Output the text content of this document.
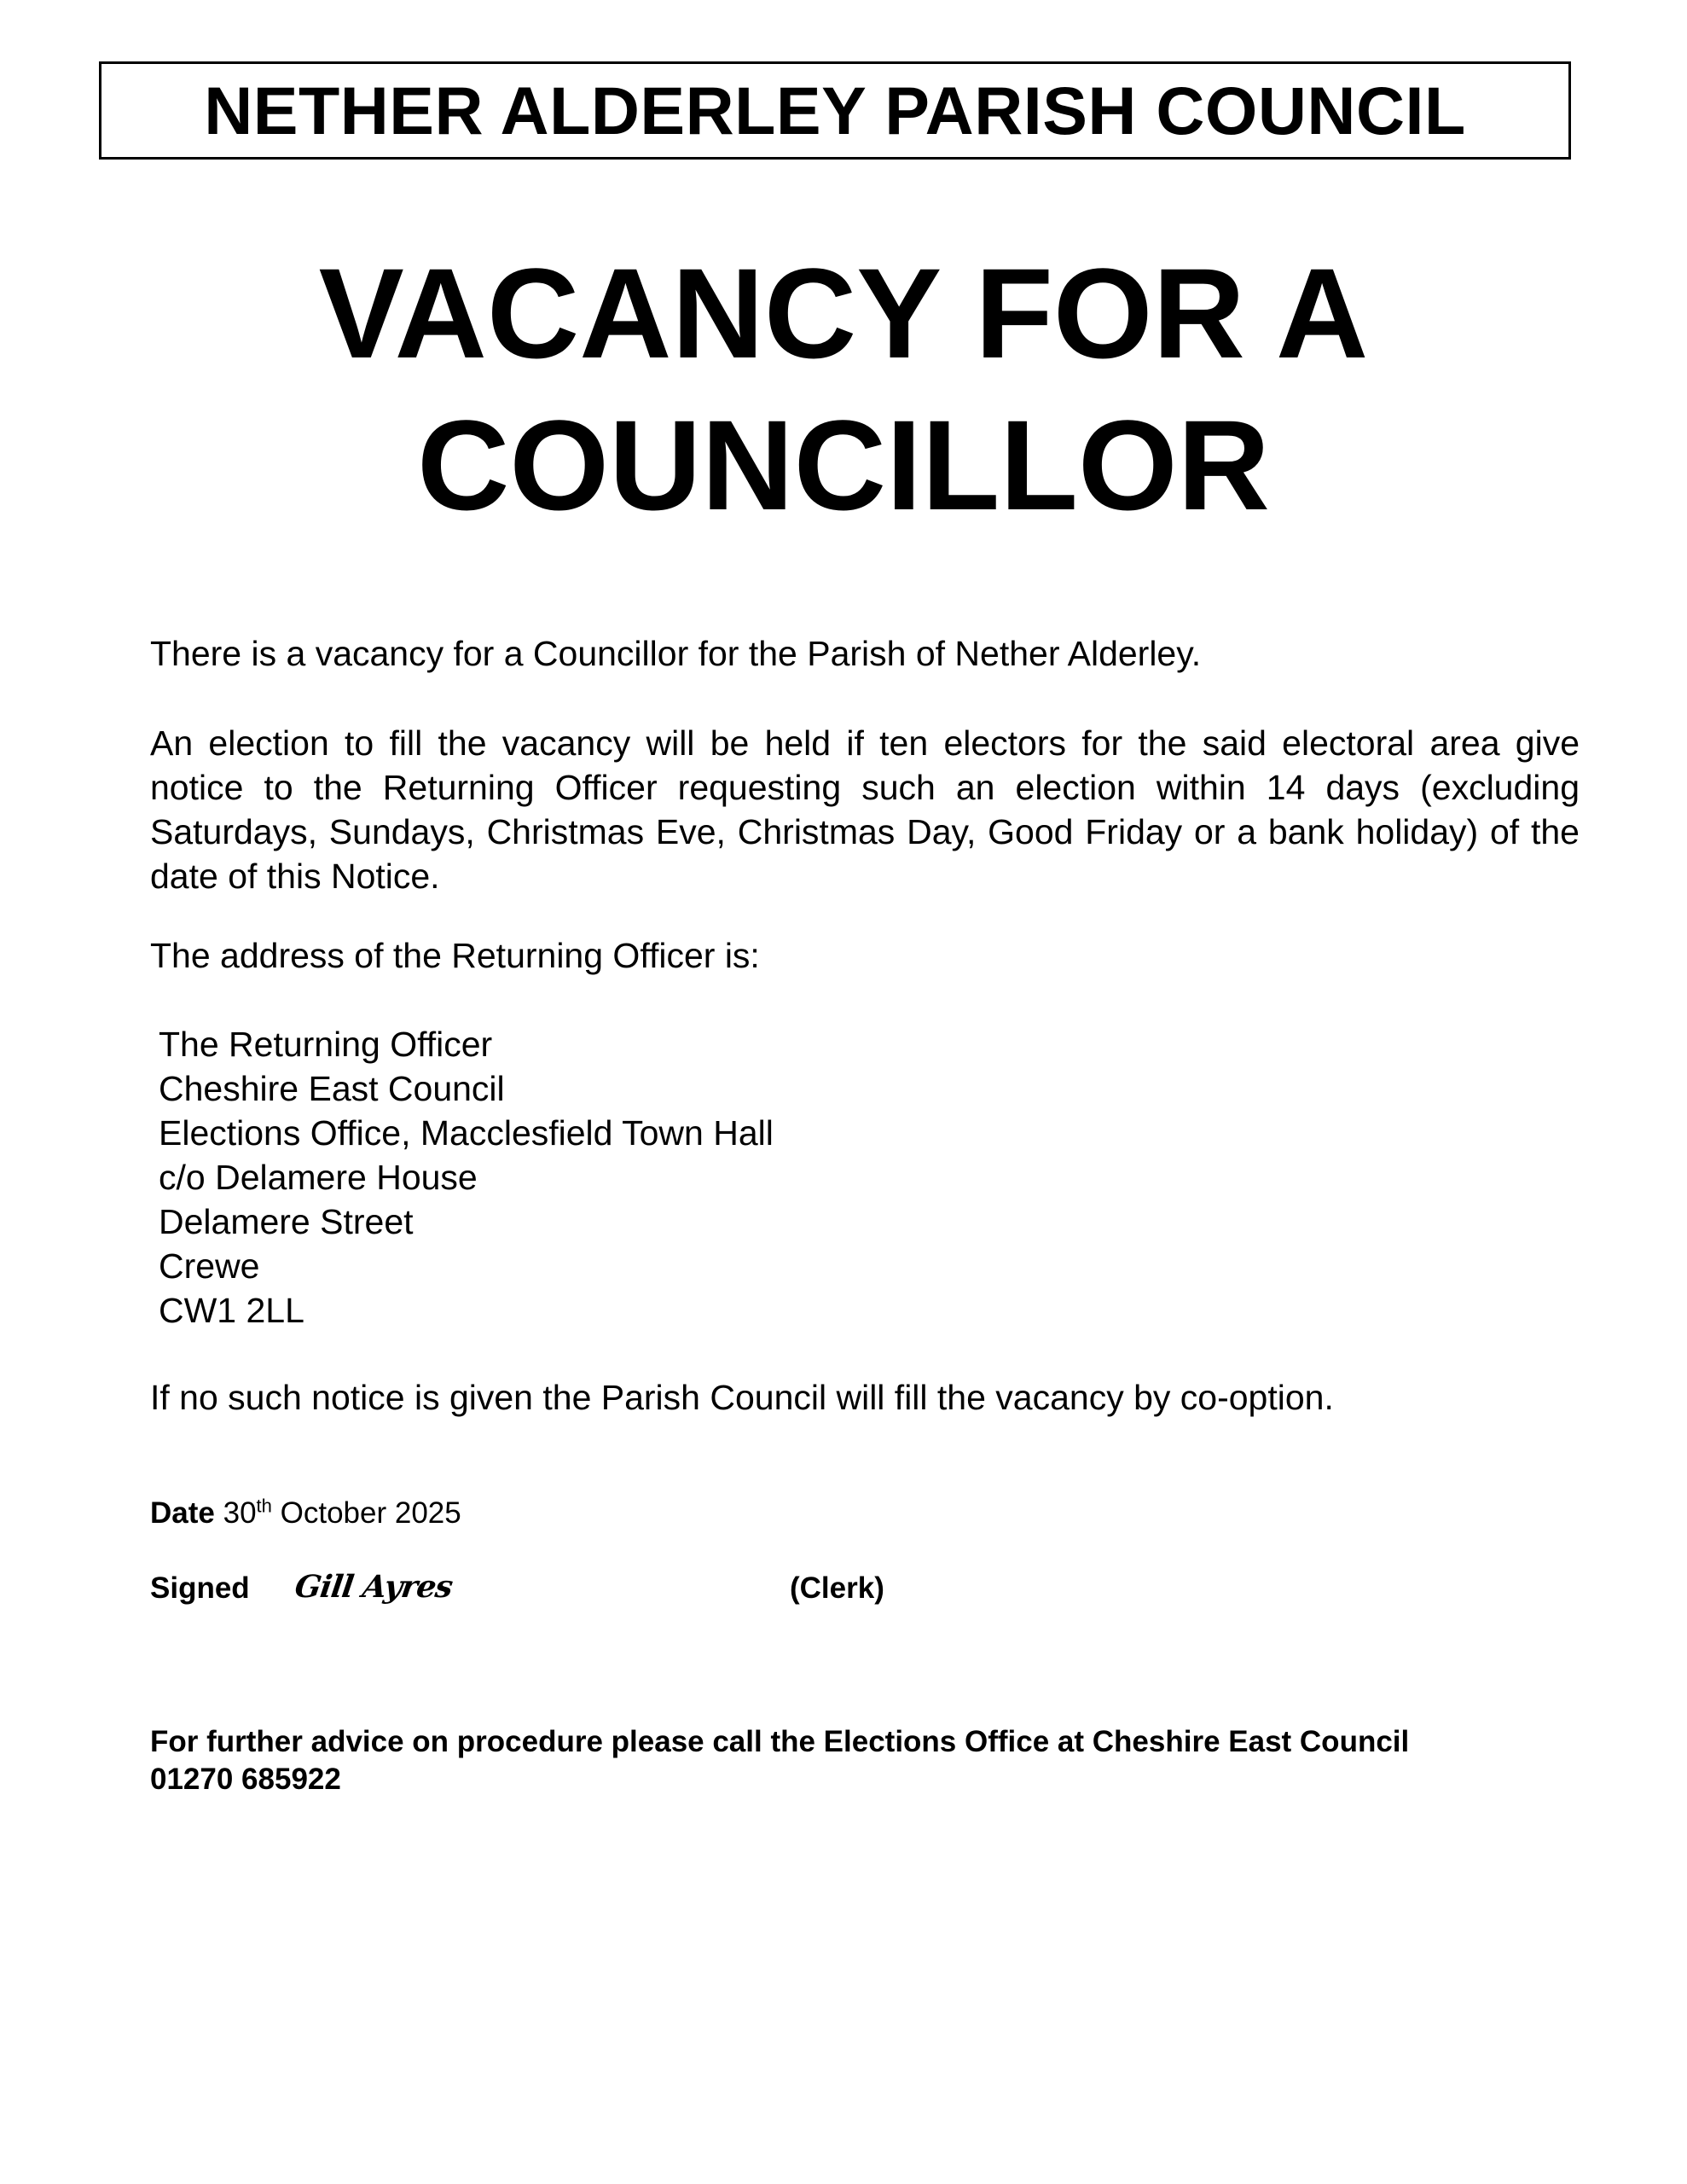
NETHER ALDERLEY PARISH COUNCIL
VACANCY FOR A
COUNCILLOR

There is a vacancy for a Councillor for the Parish of Nether Alderley.

An election to fill the vacancy will be held if ten electors for the said electoral area give notice to the Returning Officer requesting such an election within 14 days (excluding Saturdays, Sundays, Christmas Eve, Christmas Day, Good Friday or a bank holiday) of the date of this Notice.

The address of the Returning Officer is:

The Returning Officer
Cheshire East Council
Elections Office, Macclesfield Town Hall
c/o Delamere House
Delamere Street
Crewe
CW1 2LL

If no such notice is given the Parish Council will fill the vacancy by co-option.

Date 30th October 2025
Signed Gill Ayres	(Clerk)
For further advice on procedure please call the Elections Office at Cheshire East Council
01270 685922
